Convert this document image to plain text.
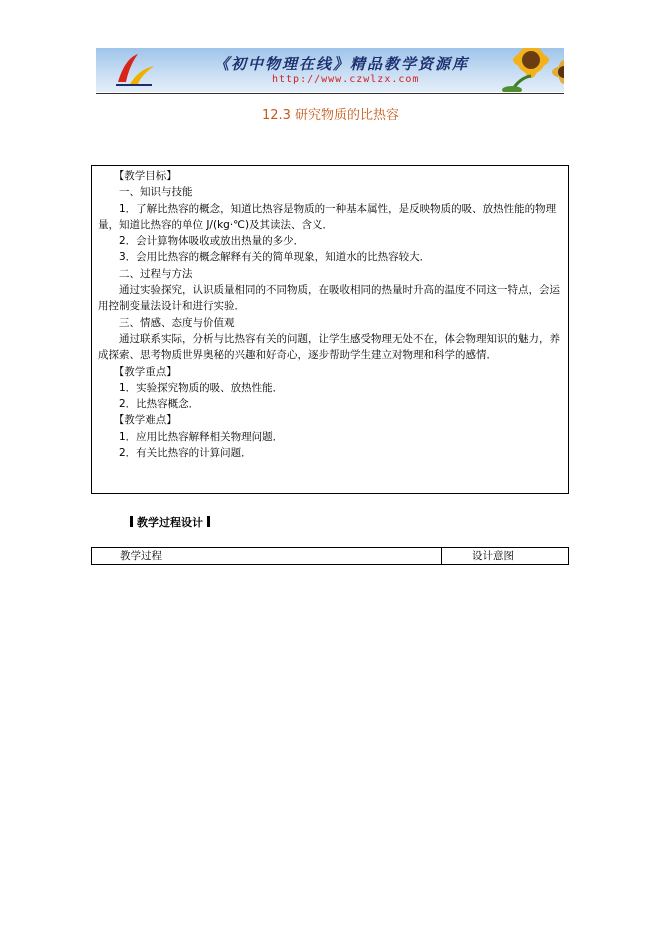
《初中物理在线》精品教学资源库
http://www.czwlzx.com
12.3 研究物质的比热容

【教学目标】

一、知识与技能

1．了解比热容的概念，知道比热容是物质的一种基本属性，是反映物质的吸、放热性能的物理量，知道比热容的单位 J/(kg·℃)及其读法、含义．

2．会计算物体吸收或放出热量的多少．

3．会用比热容的概念解释有关的简单现象，知道水的比热容较大．

二、过程与方法

通过实验探究，认识质量相同的不同物质，在吸收相同的热量时升高的温度不同这一特点，会运用控制变量法设计和进行实验．

三、情感、态度与价值观

通过联系实际，分析与比热容有关的问题，让学生感受物理无处不在，体会物理知识的魅力，养成探索、思考物质世界奥秘的兴趣和好奇心，逐步帮助学生建立对物理和科学的感情．

【教学重点】

1．实验探究物质的吸、放热性能．

2．比热容概念．

【教学难点】

1．应用比热容解释相关物理问题．

2．有关比热容的计算问题．

教学过程设计
教学过程	设计意图
